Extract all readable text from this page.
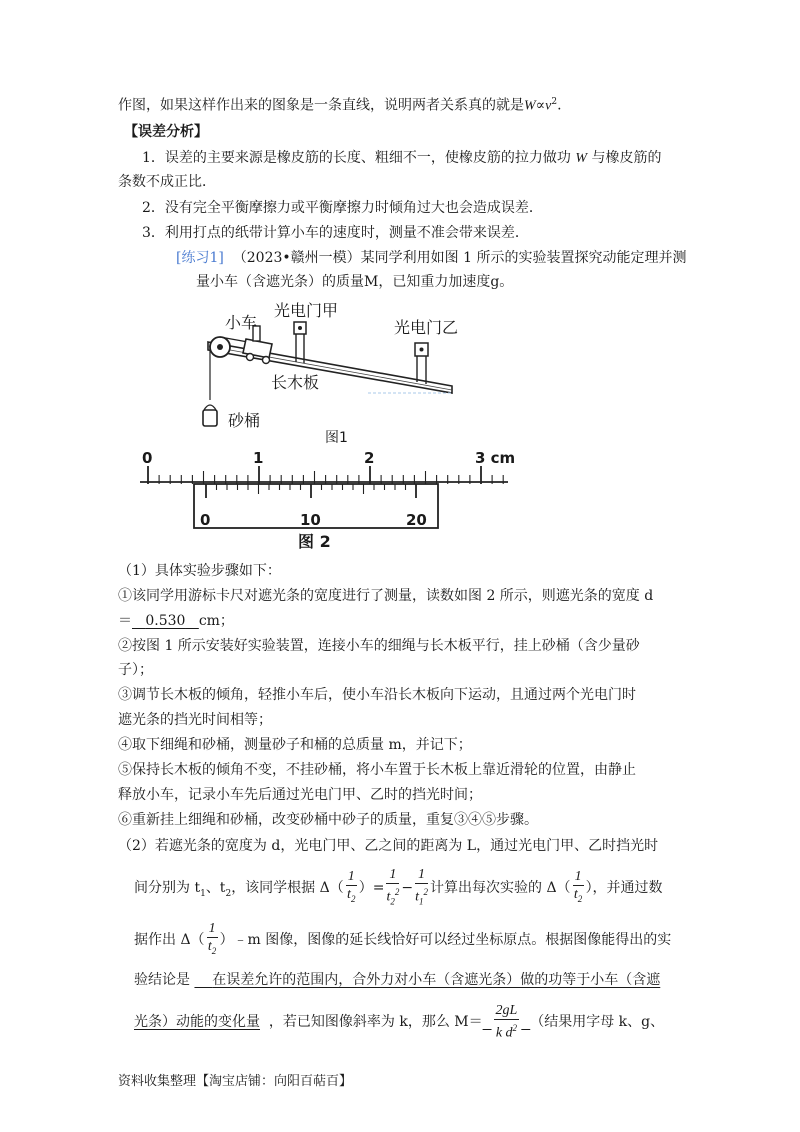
作图，如果这样作出来的图象是一条直线，说明两者关系真的就是$W\propto v^2$.
【误差分析】
1．误差的主要来源是橡皮筋的长度、粗细不一，使橡皮筋的拉力做功 W 与橡皮筋的
条数不成正比．
2．没有完全平衡摩擦力或平衡摩擦力时倾角过大也会造成误差．
3．利用打点的纸带计算小车的速度时，测量不准会带来误差．
[练习1] （2023•赣州一模）某同学利用如图 1 所示的实验装置探究动能定理并测
量小车（含遮光条）的质量M，已知重力加速度g。
小车
光电门甲
光电门乙
长木板
砂桶
图1
0	1	2	3 cm
0	10	20
图 2
（1）具体实验步骤如下：
①该同学用游标卡尺对遮光条的宽度进行了测量，读数如图 2 所示，则遮光条的宽度 d
＝ 0.530 cm；
②按图 1 所示安装好实验装置，连接小车的细绳与长木板平行，挂上砂桶（含少量砂
子）；
③调节长木板的倾角，轻推小车后，使小车沿长木板向下运动，且通过两个光电门时
遮光条的挡光时间相等；
④取下细绳和砂桶，测量砂子和桶的总质量 m，并记下；
⑤保持长木板的倾角不变，不挂砂桶，将小车置于长木板上靠近滑轮的位置，由静止
释放小车，记录小车先后通过光电门甲、乙时的挡光时间；
⑥重新挂上细绳和砂桶，改变砂桶中砂子的质量，重复③④⑤步骤。
（2）若遮光条的宽度为 d，光电门甲、乙之间的距离为 L，通过光电门甲、乙时挡光时
间分别为 $t_1$、$t_2$，该同学根据 $\Delta( \frac{1}{t_2}$ ）= $\frac{1}{t_2^2} - \frac{1}{t_1^2}$ 计算出每次实验的 $\Delta( \frac{1}{t_2}$ ），并通过数
据作出 $\Delta( \frac{1}{t_2}$ ）﹣m 图像，图像的延长线恰好可以经过坐标原点。根据图像能得出的实
验结论是 在误差允许的范围内，合外力对小车（含遮光条）做的功等于小车（含遮
光条）动能的变化量 ，若已知图像斜率为 k，那么 $M= \frac{2gL}{k d^2}$ （结果用字母 k、g、
资料收集整理【淘宝店铺：向阳百萜百】
